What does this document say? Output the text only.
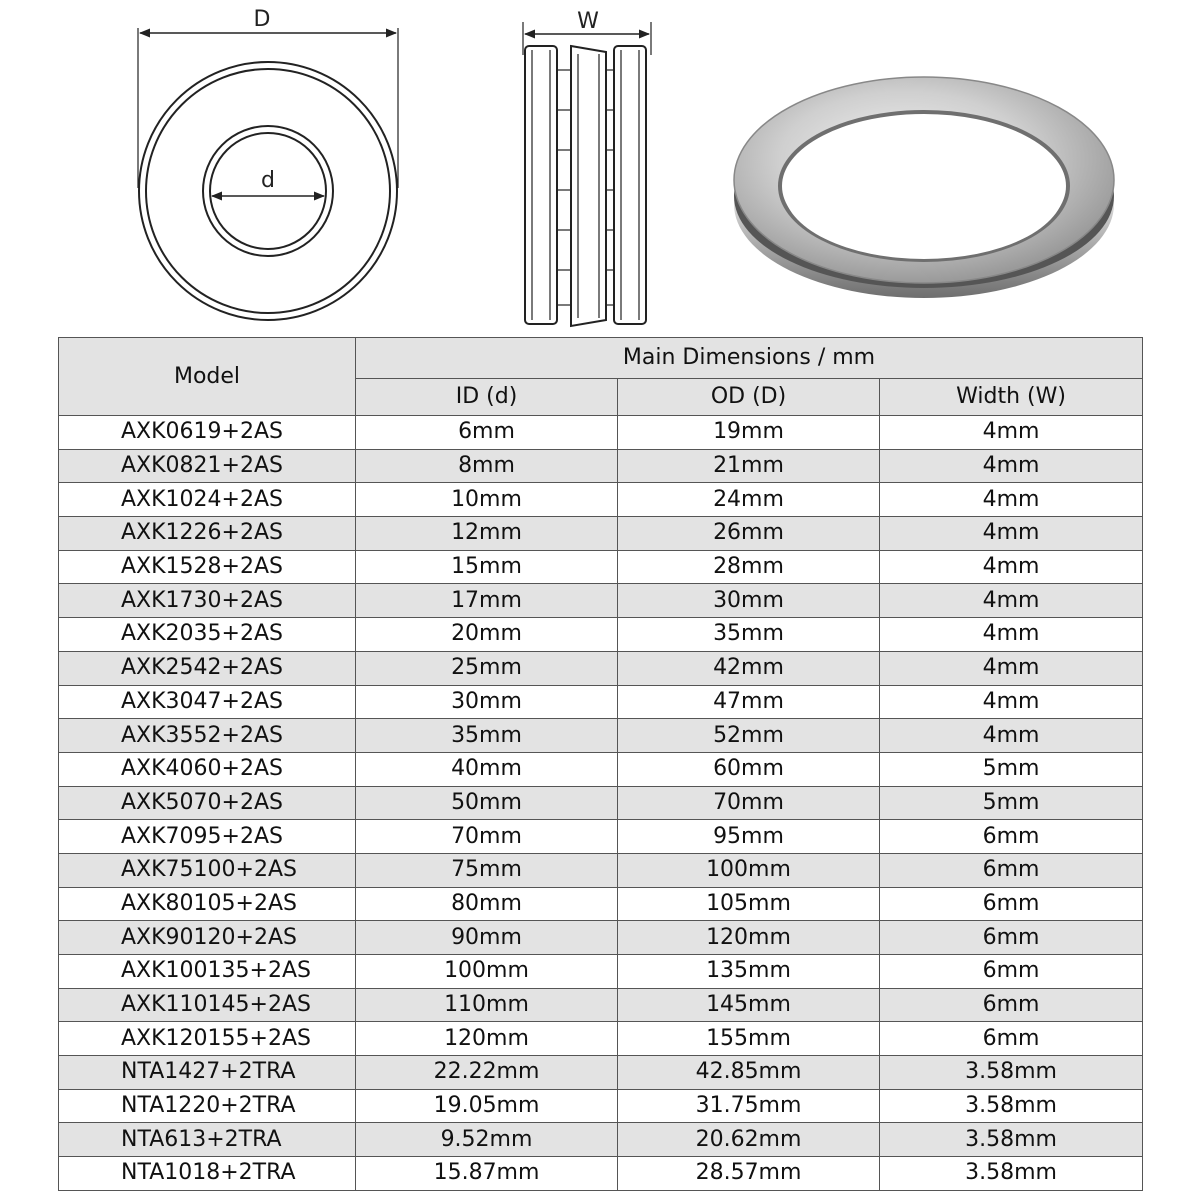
D
d
W
Model	Main Dimensions / mm		
	ID (d)	OD (D)	Width (W)
AXK0619+2AS	6mm	19mm	4mm
AXK0821+2AS	8mm	21mm	4mm
AXK1024+2AS	10mm	24mm	4mm
AXK1226+2AS	12mm	26mm	4mm
AXK1528+2AS	15mm	28mm	4mm
AXK1730+2AS	17mm	30mm	4mm
AXK2035+2AS	20mm	35mm	4mm
AXK2542+2AS	25mm	42mm	4mm
AXK3047+2AS	30mm	47mm	4mm
AXK3552+2AS	35mm	52mm	4mm
AXK4060+2AS	40mm	60mm	5mm
AXK5070+2AS	50mm	70mm	5mm
AXK7095+2AS	70mm	95mm	6mm
AXK75100+2AS	75mm	100mm	6mm
AXK80105+2AS	80mm	105mm	6mm
AXK90120+2AS	90mm	120mm	6mm
AXK100135+2AS	100mm	135mm	6mm
AXK110145+2AS	110mm	145mm	6mm
AXK120155+2AS	120mm	155mm	6mm
NTA1427+2TRA	22.22mm	42.85mm	3.58mm
NTA1220+2TRA	19.05mm	31.75mm	3.58mm
NTA613+2TRA	9.52mm	20.62mm	3.58mm
NTA1018+2TRA	15.87mm	28.57mm	3.58mm
